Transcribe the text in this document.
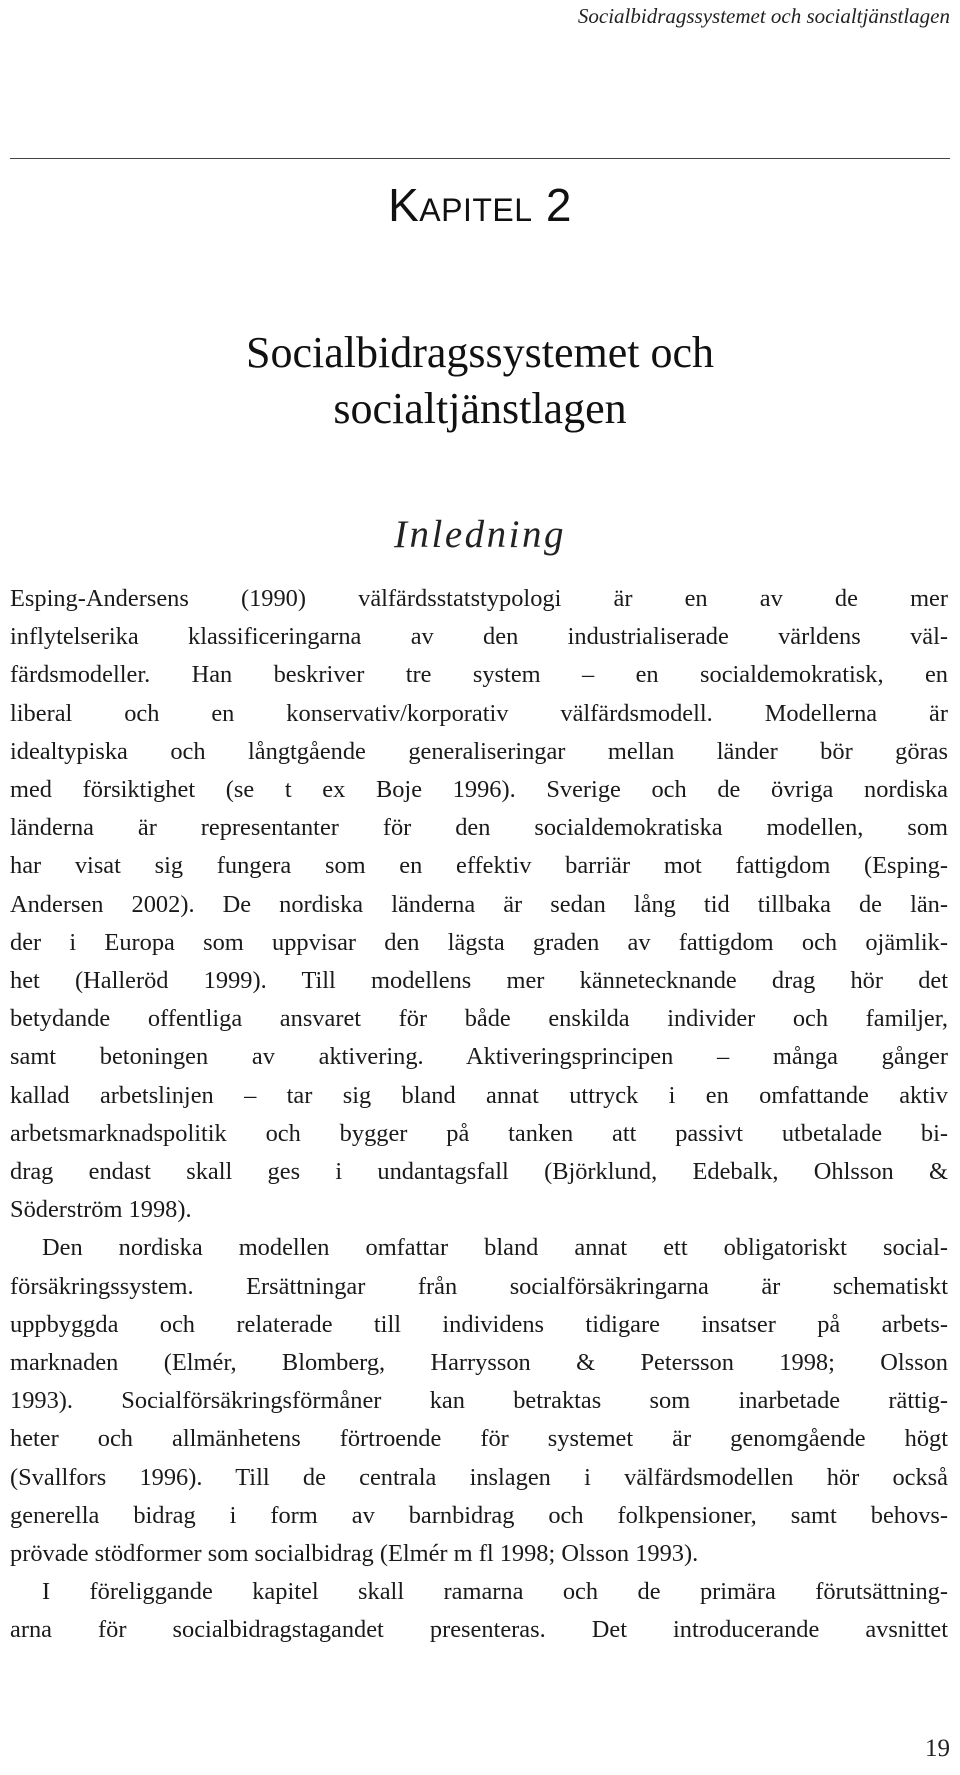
Socialbidragssystemet och socialtjänstlagen
Kapitel 2
Socialbidragssystemet och
socialtjänstlagen
Inledning

Esping-Andersens (1990) välfärdsstatstypologi är en av de mer
inflytelserika klassificeringarna av den industrialiserade världens väl-
färdsmodeller. Han beskriver tre system – en socialdemokratisk, en
liberal och en konservativ/korporativ välfärdsmodell. Modellerna är
idealtypiska och långtgående generaliseringar mellan länder bör göras
med försiktighet (se t ex Boje 1996). Sverige och de övriga nordiska
länderna är representanter för den socialdemokratiska modellen, som
har visat sig fungera som en effektiv barriär mot fattigdom (Esping-
Andersen 2002). De nordiska länderna är sedan lång tid tillbaka de län-
der i Europa som uppvisar den lägsta graden av fattigdom och ojämlik-
het (Halleröd 1999). Till modellens mer kännetecknande drag hör det
betydande offentliga ansvaret för både enskilda individer och familjer,
samt betoningen av aktivering. Aktiveringsprincipen – många gånger
kallad arbetslinjen – tar sig bland annat uttryck i en omfattande aktiv
arbetsmarknadspolitik och bygger på tanken att passivt utbetalade bi-
drag endast skall ges i undantagsfall (Björklund, Edebalk, Ohlsson &
Söderström 1998).

Den nordiska modellen omfattar bland annat ett obligatoriskt social-
försäkringssystem. Ersättningar från socialförsäkringarna är schematiskt
uppbyggda och relaterade till individens tidigare insatser på arbets-
marknaden (Elmér, Blomberg, Harrysson & Petersson 1998; Olsson
1993). Socialförsäkringsförmåner kan betraktas som inarbetade rättig-
heter och allmänhetens förtroende för systemet är genomgående högt
(Svallfors 1996). Till de centrala inslagen i välfärdsmodellen hör också
generella bidrag i form av barnbidrag och folkpensioner, samt behovs-
prövade stödformer som socialbidrag (Elmér m fl 1998; Olsson 1993).

I föreliggande kapitel skall ramarna och de primära förutsättning-
arna för socialbidragstagandet presenteras. Det introducerande avsnittet

19
